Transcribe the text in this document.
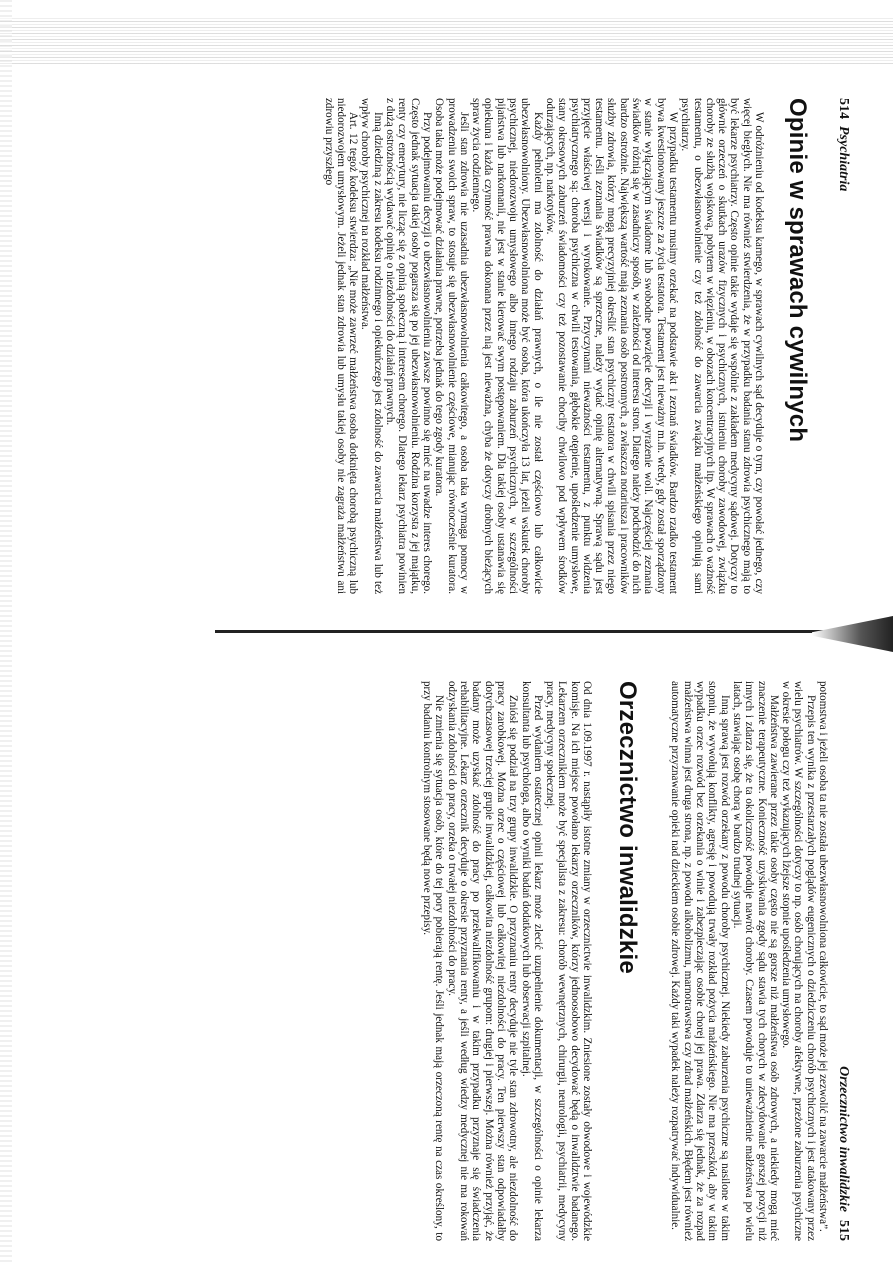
514  Psychiatria
Opinie w sprawach cywilnych

W odróżnieniu od kodeksu karnego, w sprawach cywilnych sąd decyduje o tym, czy powołać jednego, czy więcej biegłych. Nie ma również stwierdzenia, że w przypadku badania stanu zdrowia psychicznego mają to być lekarze psychiatrzy. Często opinie takie wydaje się wspólnie z zakładem medycyny sądowej. Dotyczy to głównie orzeczeń o skutkach urazów fizycznych i psychicznych, istnieniu choroby zawodowej, związku choroby ze służbą wojskową, pobytem w więzieniu, w obozach koncentracyjnych itp. W sprawach o ważność testamentu, o ubezwłasnowolnienie czy też zdolność do zawarcia związku małżeńskiego opiniują sami psychiatrzy.

W przypadku testamentu musimy orzekać na podstawie akt i zeznań świadków. Bardzo rzadko testament bywa kwestionowany jeszcze za życia testatora. Testament jest nieważny m.in. wtedy, gdy został sporządzony w stanie wyłączającym świadome lub swobodne powzięcie decyzji i wyrażenie woli. Najczęściej zeznania świadków różnią się w zasadniczy sposób, w zależności od interesu stron. Dlatego należy podchodzić do nich bardzo ostrożnie. Największą wartość mają zeznania osób postronnych, a zwłaszcza notariusza i pracowników służby zdrowia, którzy mogą precyzyjniej określić stan psychiczny testatora w chwili spisania przez niego testamentu. Jeśli zeznania świadków są sprzeczne, należy wydać opinię alternatywną. Sprawą sądu jest przyjęcie właściwej wersji i wyrokowanie. Przyczynami nieważności testamentu, z punktu widzenia psychiatrycznego są: choroba psychiczna w chwili testowania, głębokie otępienie, upośledzenie umysłowe, stany okresowych zaburzeń świadomości czy też pozostawanie chociby chwilowo pod wpływem środków odurzających, np. narkotyków.

Każdy pełnoletni ma zdolność do działań prawnych, o ile nie został częściowo lub całkowicie ubezwłasnowolniony. Ubezwłasnowolniona może być osoba, która ukończyła 13 lat, jeżeli wskutek choroby psychicznej, niedorozwoju umysłowego albo innego rodzaju zaburzeń psychicznych, w szczególności pijaństwa lub narkomanii, nie jest w stanie kierować swym postępowaniem. Dla takiej osoby ustanawia się opiekuna i każda czynność prawna dokonana przez nią jest nieważna, chyba że dotyczy drobnych bieżących spraw życia codziennego.

Jeśli stan zdrowia nie uzasadnia ubezwłasnowolnienia całkowitego, a osoba taka wymaga pomocy w prowadzeniu swoich spraw, to stosuje się ubezwłasnowolnienie częściowe, mianując równocześnie kuratora. Osoba taka może podejmować działania prawne, potrzeba jednak do tego zgody kuratora.

Przy podejmowaniu decyzji o ubezwłasnowolnieniu zawsze powinno się mieć na uwadze interes chorego. Często jednak sytuacja takiej osoby pogarsza się po jej ubezwłasnowolnieniu. Rodzina korzysta z jej majątku, renty czy emerytury, nie licząc się z opinią społeczną i interesem chorego. Dlatego lekarz psychiatra powinien z dużą ostrożnością wydawać opinię o niezdolności do działań prawnych.

Inną dziedziną z zakresu kodeksu rodzinnego i opiekuńczego jest zdolność do zawarcia małżeństwa lub też wpływ choroby psychicznej na rozkład małżeństwa.

Art. 12 tegoż kodeksu stwierdza: „Nie może zawrzeć małżeństwa osoba dotknięta chorobą psychiczną lub niedorozwojem umysłowym. Jeżeli jednak stan zdrowia lub umysłu takiej osoby nie zagraża małżeństwu ani zdrowiu przyszłego

Orzecznictwo inwalidzkie515

potomstwa i jeżeli osoba ta nie została ubezwłasnowolniona całkowicie, to sąd może jej zezwolić na zawarcie małżeństwa”.

Przepis ten wynika z przestarzałych poglądów eugenicznych o dziedziczeniu chorób psychicznych i jest atakowany przez wielu psychiatrów. W szczególności dotyczy to np. osób chorujących na choroby afektywne, przeżone zaburzenia psychiczne w okresie połogu czy też wykazujących lżejsze stopnie upośledzenia umysłowego.

Małżeństwa zawierane przez takie osoby często nie są gorsze niż małżeństwa osób zdrowych, a niekiedy mogą mieć znaczenie terapeutyczne. Konieczność uzyskiwania zgody sądu stawia tych chorych w zdecydowanie gorszej pozycji niż innych i zdarza się, że ta okoliczność powoduje nawrót choroby. Czasem powoduje to unieważnienie małżeństwa po wielu latach, stawiając osobę chorą w bardzo trudnej sytuacji.

Inną sprawą jest rozwód orzekany z powodu choroby psychicznej. Niekiedy zaburzenia psychiczne są nasilone w takim stopniu, że wywołują konflikty, agresję i powodują trwały rozkład pożycia małżeńskiego. Nie ma przeszkód, aby w takim wypadku orzec rozwód bez orzekania o winie i zabezpieczając osobie chorej jej prawa. Zdarza się jednak, że za rozpad małżeństwa winna jest druga strona, np. z powodu alkoholizmu, marnotrawstwa czy zdrad małżeńskich. Błędem jest również automatyczne przyznawanie opieki nad dzieckiem osobie zdrowej. Każdy taki wypadek należy rozpatrywać indywidualnie.

Orzecznictwo inwalidzkie

Od dnia 1.09.1997 r. nastąpiły istotne zmiany w orzecznictwie inwalidzkim. Zniesione zostały obwodowe i wojewódzkie komisje. Na ich miejsce powołano lekarzy orzeczników, którzy jednoosobowo decydować będą o inwalidztwie badanego. Lekarzem orzecznikiem może być specjalista z zakresu: chorób wewnętrznych, chirurgii, neurologii, psychiatrii, medycyny pracy, medycyny społecznej.

Przed wydaniem ostatecznej opinii lekarz może zlecić uzupełnienie dokumentacji, w szczególności o opinie lekarza konsultanta lub psychologa, albo o wyniki badań dodatkowych lub obserwacji szpitalnej.

Zniósł się podział na trzy grupy inwalidzkie. O przyznaniu renty decyduje nie tyle stan zdrowotny, ale niezdolność do pracy zarobkowej. Można orzec o częściowej lub całkowitej niezdolności do pracy. Ten pierwszy stan odpowiadałby dotychczasowej trzeciej grupie inwalidzkiej, całkowita niezdolność grupom: drugiej i pierwszej. Można również przyjąć, że badany może uzyskać zdolność do pracy po przekwalifikowaniu i w takim przypadku przyznaje się świadczenia rehabilitacyjne. Lekarz orzecznik decyduje o okresie przyznania renty, a jeśli według wiedzy medycznej nie ma rokowań odzyskania zdolności do pracy, orzeka o trwałej niezdolności do pracy.

Nie zmienia się sytuacja osób, które do tej pory pobierają rentę. Jeśli jednak mają orzeczoną rentę na czas określony, to przy badaniu kontrolnym stosowane będą nowe przepisy.
